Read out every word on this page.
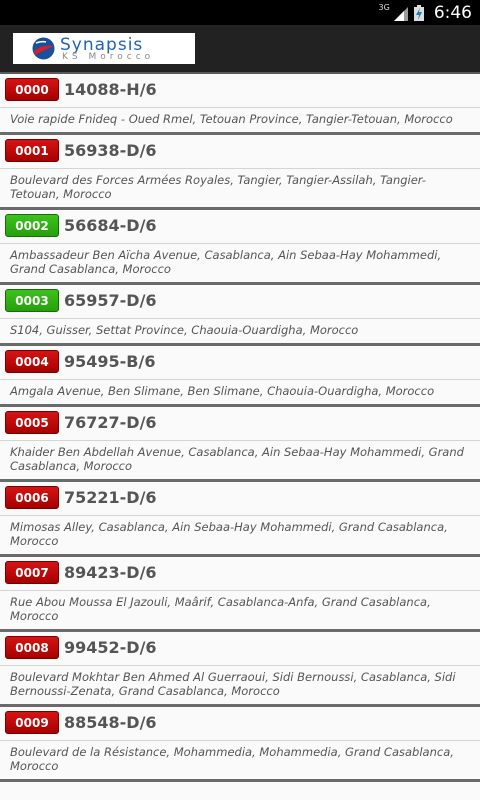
3G	6:46
Synapsis
KS Morocco
0000 14088-H/6
Voie rapide Fnideq - Oued Rmel, Tetouan Province, Tangier-Tetouan, Morocco
0001 56938-D/6
Boulevard des Forces Armées Royales, Tangier, Tangier-Assilah, Tangier-Tetouan, Morocco
0002 56684-D/6
Ambassadeur Ben Aïcha Avenue, Casablanca, Ain Sebaa-Hay Mohammedi, Grand Casablanca, Morocco
0003 65957-D/6
S104, Guisser, Settat Province, Chaouia-Ouardigha, Morocco
0004 95495-B/6
Amgala Avenue, Ben Slimane, Ben Slimane, Chaouia-Ouardigha, Morocco
0005 76727-D/6
Khaider Ben Abdellah Avenue, Casablanca, Ain Sebaa-Hay Mohammedi, Grand Casablanca, Morocco
0006 75221-D/6
Mimosas Alley, Casablanca, Ain Sebaa-Hay Mohammedi, Grand Casablanca, Morocco
0007 89423-D/6
Rue Abou Moussa El Jazouli, Maârif, Casablanca-Anfa, Grand Casablanca, Morocco
0008 99452-D/6
Boulevard Mokhtar Ben Ahmed Al Guerraoui, Sidi Bernoussi, Casablanca, Sidi Bernoussi-Zenata, Grand Casablanca, Morocco
0009 88548-D/6
Boulevard de la Résistance, Mohammedia, Mohammedia, Grand Casablanca, Morocco
